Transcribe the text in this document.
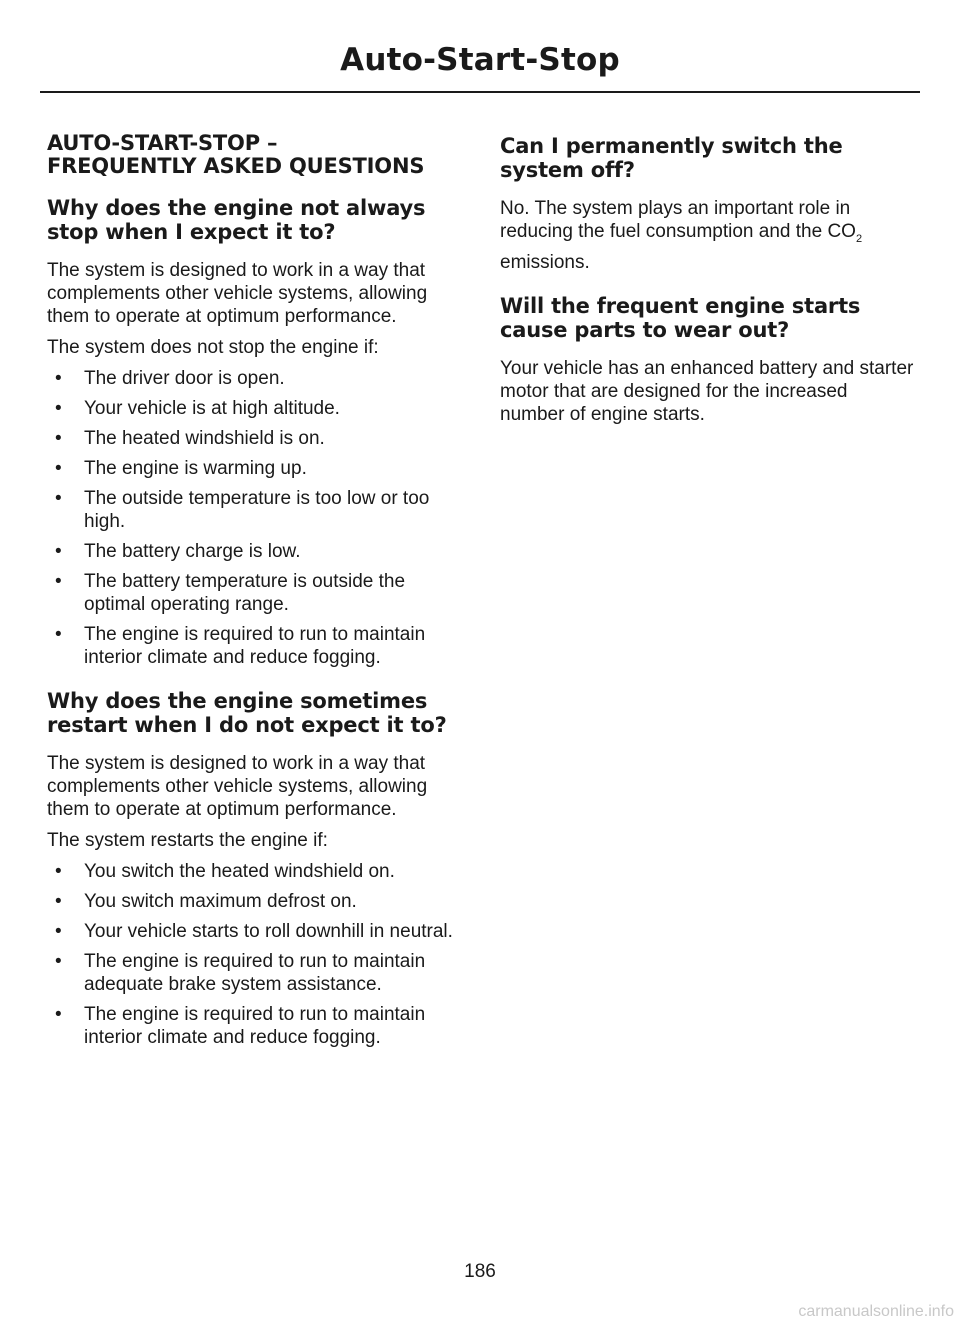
Auto-Start-Stop
AUTO-START-STOP –
FREQUENTLY ASKED QUESTIONS
Why does the engine not always
stop when I expect it to?

The system is designed to work in a way that complements other vehicle systems, allowing them to operate at optimum performance.

The system does not stop the engine if:

• The driver door is open.
• Your vehicle is at high altitude.
• The heated windshield is on.
• The engine is warming up.
• The outside temperature is too low or too high.
• The battery charge is low.
• The battery temperature is outside the optimal operating range.
• The engine is required to run to maintain interior climate and reduce fogging.
Why does the engine sometimes
restart when I do not expect it to?

The system is designed to work in a way that complements other vehicle systems, allowing them to operate at optimum performance.

The system restarts the engine if:

• You switch the heated windshield on.
• You switch maximum defrost on.
• Your vehicle starts to roll downhill in neutral.
• The engine is required to run to maintain adequate brake system assistance.
• The engine is required to run to maintain interior climate and reduce fogging.
Can I permanently switch the
system off?

No. The system plays an important role in reducing the fuel consumption and the $CO_2$ emissions.

Will the frequent engine starts
cause parts to wear out?

Your vehicle has an enhanced battery and starter motor that are designed for the increased number of engine starts.

186
carmanualsonline.info
